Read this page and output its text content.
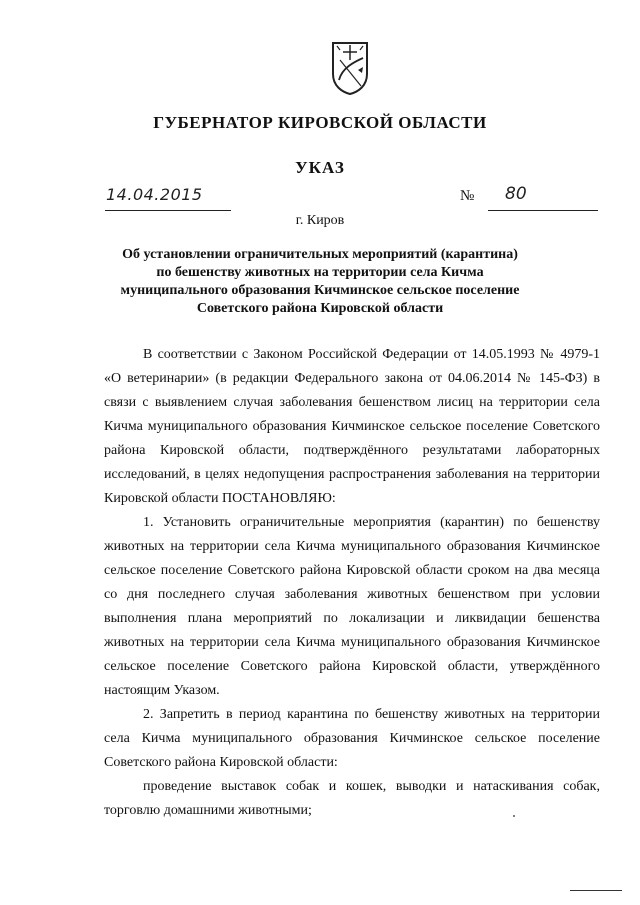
ГУБЕРНАТОР КИРОВСКОЙ ОБЛАСТИ
УКАЗ
14.04.2015	№ 80
г. Киров
Об установлении ограничительных мероприятий (карантина)
по бешенству животных на территории села Кичма
муниципального образования Кичминское сельское поселение
Советского района Кировской области

В соответствии с Законом Российской Федерации от 14.05.1993 № 4979-1 «О ветеринарии» (в редакции Федерального закона от 04.06.2014 № 145-ФЗ) в связи с выявлением случая заболевания бешенством лисиц на территории села Кичма муниципального образования Кичминское сельское поселение Советского района Кировской области, подтверждённого результатами лабораторных исследований, в целях недопущения распространения заболевания на территории Кировской области ПОСТАНОВЛЯЮ:

1. Установить ограничительные мероприятия (карантин) по бешенству животных на территории села Кичма муниципального образования Кичминское сельское поселение Советского района Кировской области сроком на два месяца со дня последнего случая заболевания животных бешенством при условии выполнения плана мероприятий по локализации и ликвидации бешенства животных на территории села Кичма муниципального образования Кичминское сельское поселение Советского района Кировской области, утверждённого настоящим Указом.

2. Запретить в период карантина по бешенству животных на территории села Кичма муниципального образования Кичминское сельское поселение Советского района Кировской области:

проведение выставок собак и кошек, выводки и натаскивания собак, торговлю домашними животными;
